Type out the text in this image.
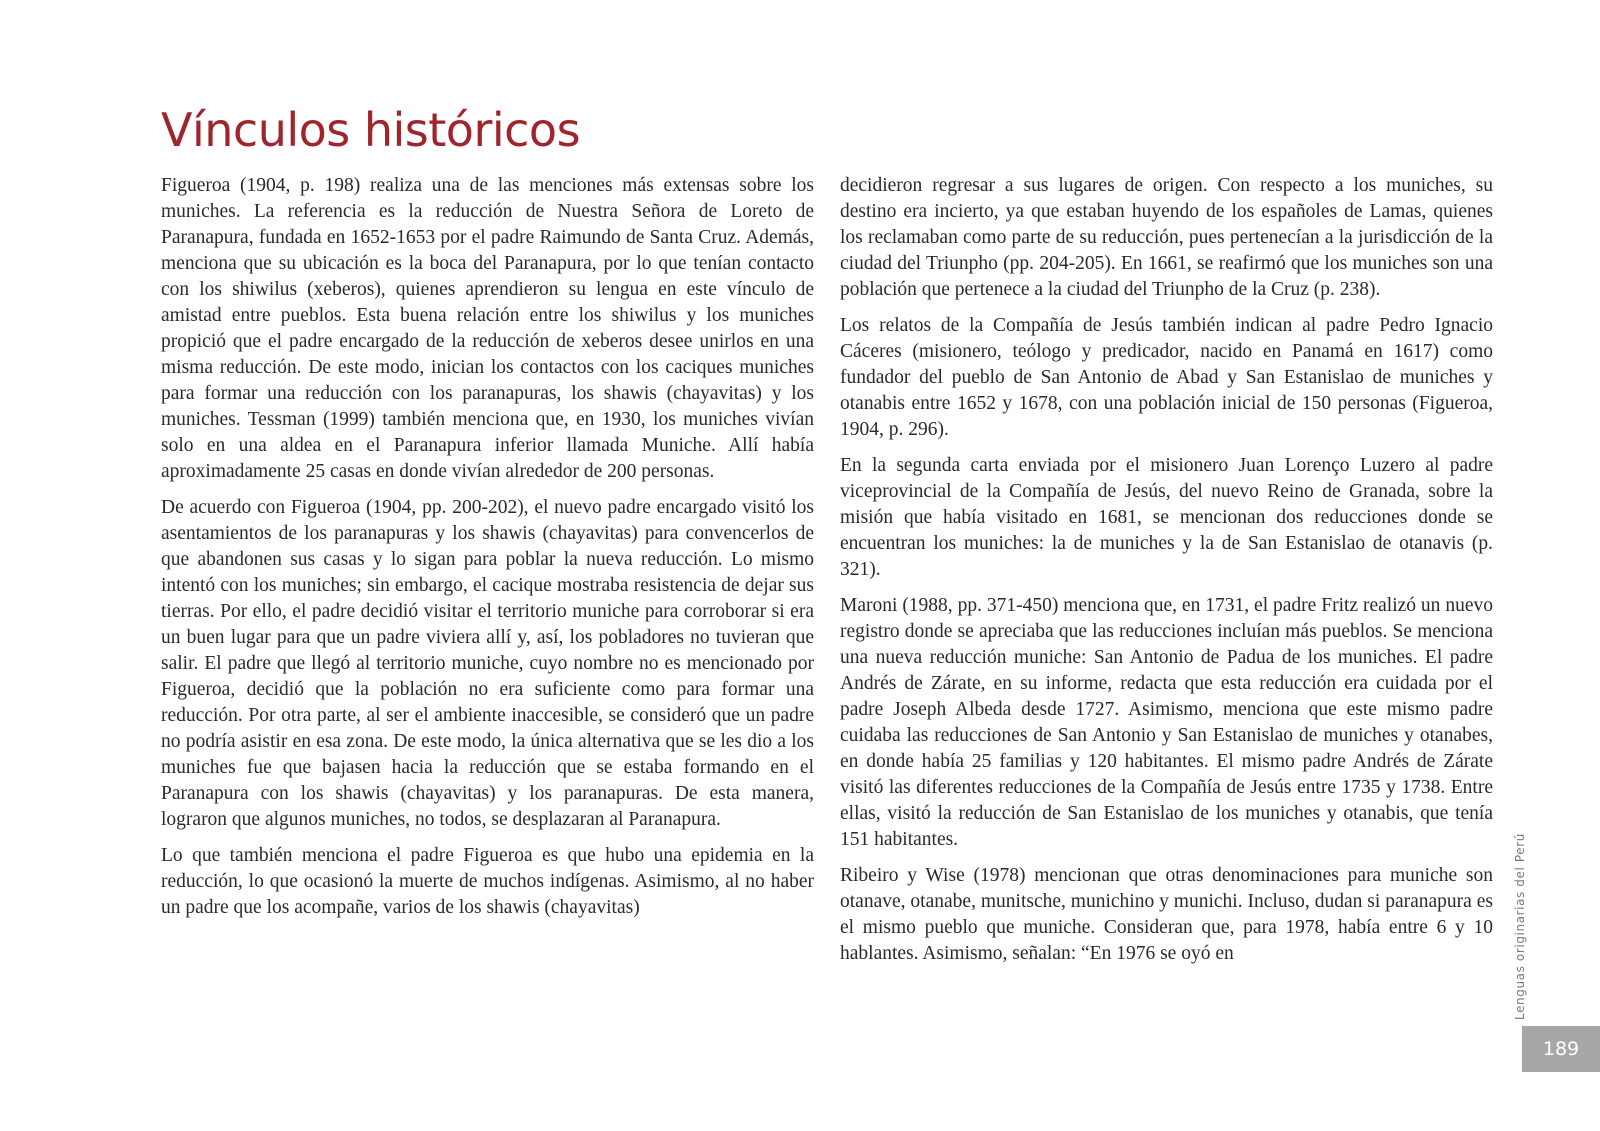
Vínculos históricos

Figueroa (1904, p. 198) realiza una de las menciones más extensas sobre los muniches. La referencia es la reducción de Nuestra Señora de Loreto de Paranapura, fundada en 1652-1653 por el padre Raimundo de Santa Cruz. Además, menciona que su ubicación es la boca del Paranapura, por lo que tenían contacto con los shiwilus (xeberos), quienes aprendieron su lengua en este vínculo de amistad entre pueblos. Esta buena relación entre los shiwilus y los muniches propició que el padre encargado de la reducción de xeberos desee unirlos en una misma reducción. De este modo, inician los contactos con los caciques muniches para formar una reducción con los paranapuras, los shawis (chayavitas) y los muniches. Tessman (1999) también menciona que, en 1930, los muniches vivían solo en una aldea en el Paranapura inferior llamada Muniche. Allí había aproximadamente 25 casas en donde vivían alrededor de 200 personas.

De acuerdo con Figueroa (1904, pp. 200-202), el nuevo padre encargado visitó los asentamientos de los paranapuras y los shawis (chayavitas) para convencerlos de que abandonen sus casas y lo sigan para poblar la nueva reducción. Lo mismo intentó con los muniches; sin embargo, el cacique mostraba resistencia de dejar sus tierras. Por ello, el padre decidió visitar el territorio muniche para corroborar si era un buen lugar para que un padre viviera allí y, así, los pobladores no tuvieran que salir. El padre que llegó al territorio muniche, cuyo nombre no es mencionado por Figueroa, decidió que la población no era suficiente como para formar una reducción. Por otra parte, al ser el ambiente inaccesible, se consideró que un padre no podría asistir en esa zona. De este modo, la única alternativa que se les dio a los muniches fue que bajasen hacia la reducción que se estaba formando en el Paranapura con los shawis (chayavitas) y los paranapuras. De esta manera, lograron que algunos muniches, no todos, se desplazaran al Paranapura.

Lo que también menciona el padre Figueroa es que hubo una epidemia en la reducción, lo que ocasionó la muerte de muchos indígenas. Asimismo, al no haber un padre que los acompañe, varios de los shawis (chayavitas)

decidieron regresar a sus lugares de origen. Con respecto a los muniches, su destino era incierto, ya que estaban huyendo de los españoles de Lamas, quienes los reclamaban como parte de su reducción, pues pertenecían a la jurisdicción de la ciudad del Triunpho (pp. 204-205). En 1661, se reafirmó que los muniches son una población que pertenece a la ciudad del Triunpho de la Cruz (p. 238).

Los relatos de la Compañía de Jesús también indican al padre Pedro Ignacio Cáceres (misionero, teólogo y predicador, nacido en Panamá en 1617) como fundador del pueblo de San Antonio de Abad y San Estanislao de muniches y otanabis entre 1652 y 1678, con una población inicial de 150 personas (Figueroa, 1904, p. 296).

En la segunda carta enviada por el misionero Juan Lorenço Luzero al padre viceprovincial de la Compañía de Jesús, del nuevo Reino de Granada, sobre la misión que había visitado en 1681, se mencionan dos reducciones donde se encuentran los muniches: la de muniches y la de San Estanislao de otanavis (p. 321).

Maroni (1988, pp. 371-450) menciona que, en 1731, el padre Fritz realizó un nuevo registro donde se apreciaba que las reducciones incluían más pueblos. Se menciona una nueva reducción muniche: San Antonio de Padua de los muniches. El padre Andrés de Zárate, en su informe, redacta que esta reducción era cuidada por el padre Joseph Albeda desde 1727. Asimismo, menciona que este mismo padre cuidaba las reducciones de San Antonio y San Estanislao de muniches y otanabes, en donde había 25 familias y 120 habitantes. El mismo padre Andrés de Zárate visitó las diferentes reducciones de la Compañía de Jesús entre 1735 y 1738. Entre ellas, visitó la reducción de San Estanislao de los muniches y otanabis, que tenía 151 habitantes.

Ribeiro y Wise (1978) mencionan que otras denominaciones para muniche son otanave, otanabe, munitsche, munichino y munichi. Incluso, dudan si paranapura es el mismo pueblo que muniche. Consideran que, para 1978, había entre 6 y 10 hablantes. Asimismo, señalan: “En 1976 se oyó en	Lenguas originarias del Perú
189
